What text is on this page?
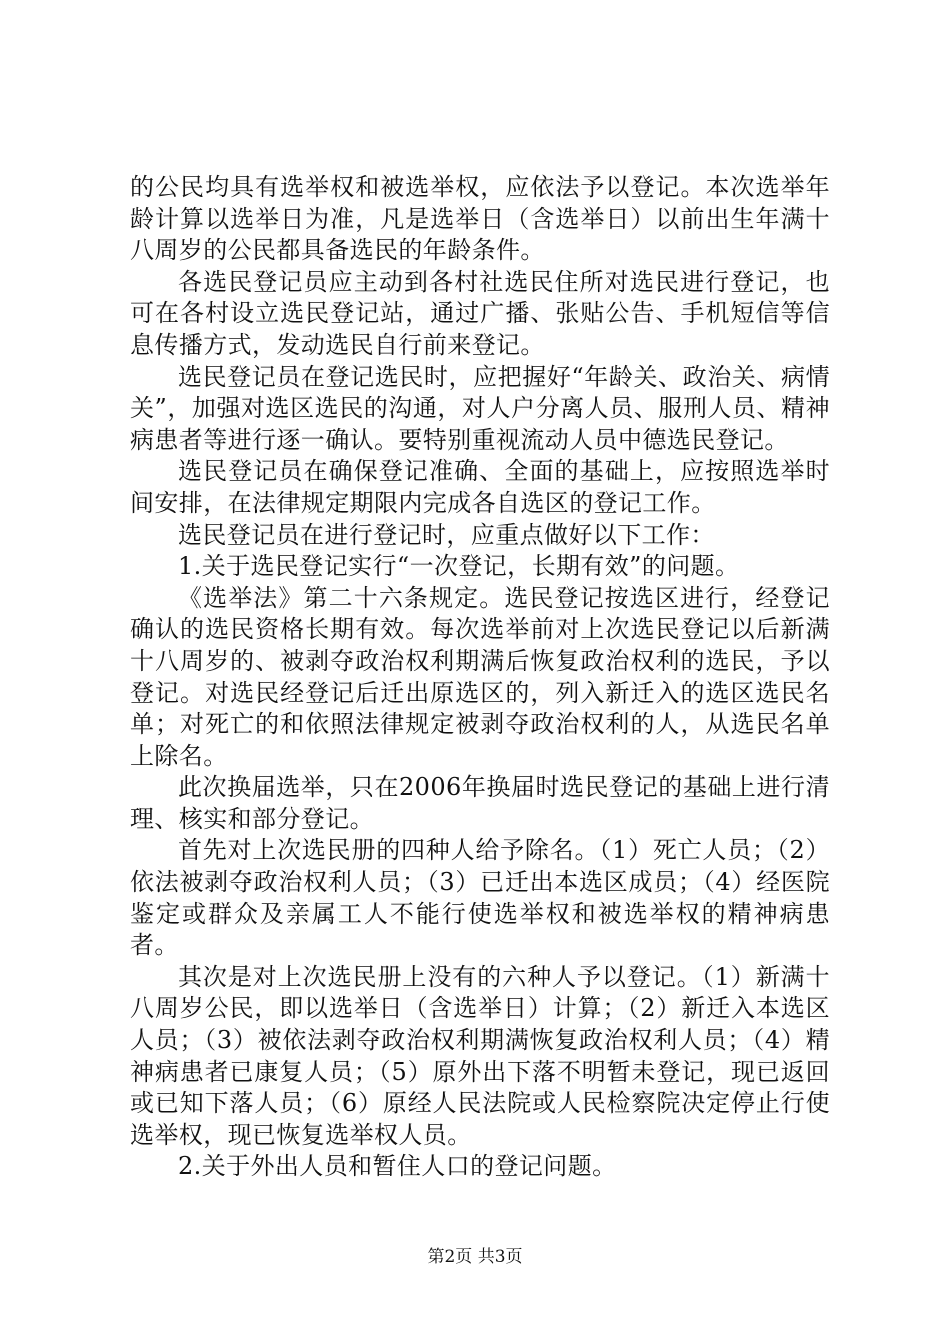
的公民均具有选举权和被选举权，应依法予以登记。本次选举年龄计算以选举日为准，凡是选举日（含选举日）以前出生年满十八周岁的公民都具备选民的年龄条件。

各选民登记员应主动到各村社选民住所对选民进行登记，也可在各村设立选民登记站，通过广播、张贴公告、手机短信等信息传播方式，发动选民自行前来登记。

选民登记员在登记选民时，应把握好“年龄关、政治关、病情关”，加强对选区选民的沟通，对人户分离人员、服刑人员、精神病患者等进行逐一确认。要特别重视流动人员中德选民登记。

选民登记员在确保登记准确、全面的基础上，应按照选举时间安排，在法律规定期限内完成各自选区的登记工作。

选民登记员在进行登记时，应重点做好以下工作：

1.关于选民登记实行“一次登记，长期有效”的问题。

《选举法》第二十六条规定。选民登记按选区进行，经登记确认的选民资格长期有效。每次选举前对上次选民登记以后新满十八周岁的、被剥夺政治权利期满后恢复政治权利的选民，予以登记。对选民经登记后迁出原选区的，列入新迁入的选区选民名单；对死亡的和依照法律规定被剥夺政治权利的人，从选民名单上除名。

此次换届选举，只在2006年换届时选民登记的基础上进行清理、核实和部分登记。

首先对上次选民册的四种人给予除名。（1）死亡人员；（2）依法被剥夺政治权利人员；（3）已迁出本选区成员；（4）经医院鉴定或群众及亲属工人不能行使选举权和被选举权的精神病患者。

其次是对上次选民册上没有的六种人予以登记。（1）新满十八周岁公民，即以选举日（含选举日）计算；（2）新迁入本选区人员；（3）被依法剥夺政治权利期满恢复政治权利人员；（4）精神病患者已康复人员；（5）原外出下落不明暂未登记，现已返回或已知下落人员；（6）原经人民法院或人民检察院决定停止行使选举权，现已恢复选举权人员。

2.关于外出人员和暂住人口的登记问题。

第2页 共3页
